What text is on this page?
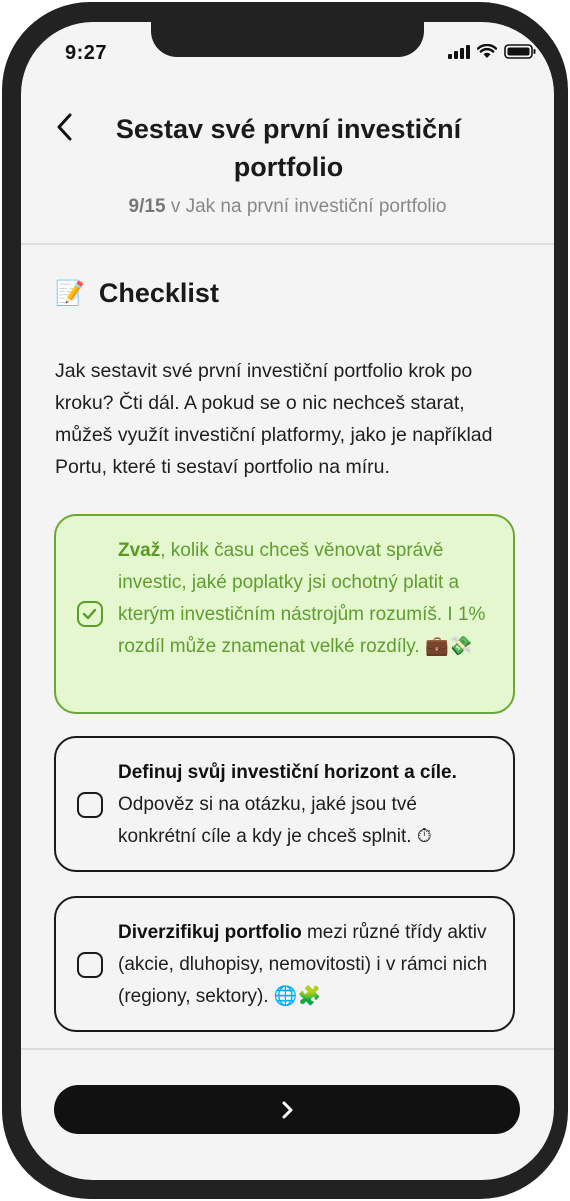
9:27
Sestav své první investiční portfolio
9/15 v Jak na první investiční portfolio
📝 Checklist
Jak sestavit své první investiční portfolio krok po kroku? Čti dál. A pokud se o nic nechceš starat, můžeš využít investiční platformy, jako je například Portu, které ti sestaví portfolio na míru.
Zvaž, kolik času chceš věnovat správě investic, jaké poplatky jsi ochotný platit a kterým investičním nástrojům rozumíš. I 1% rozdíl může znamenat velké rozdíly. 💼💸
Definuj svůj investiční horizont a cíle. Odpověz si na otázku, jaké jsou tvé konkrétní cíle a kdy je chceš splnit. ⏱
Diverzifikuj portfolio mezi různé třídy aktiv (akcie, dluhopisy, nemovitosti) i v rámci nich (regiony, sektory). 🌐🧩
